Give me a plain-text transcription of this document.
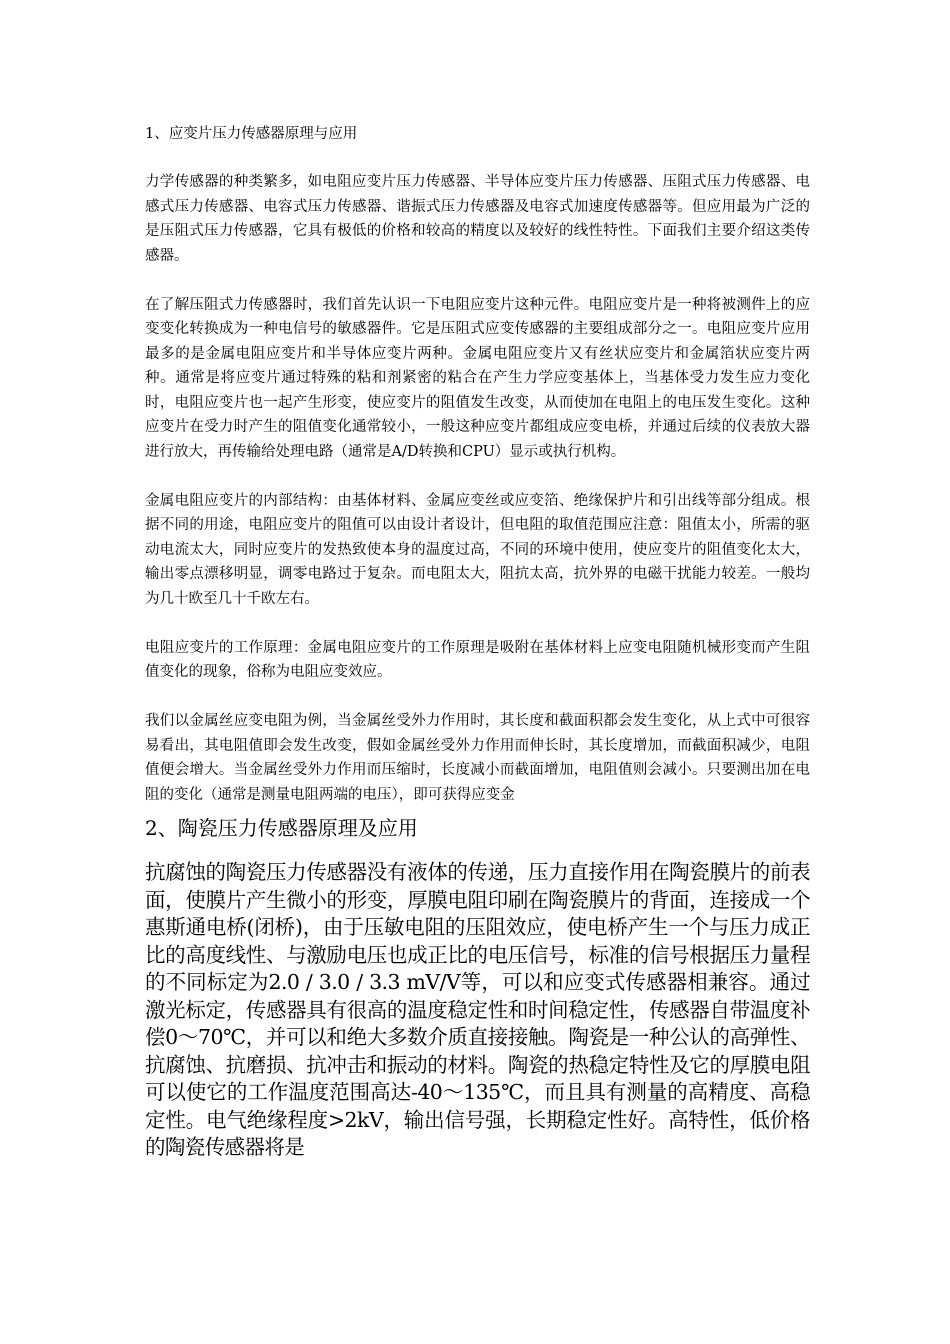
1、应变片压力传感器原理与应用

力学传感器的种类繁多，如电阻应变片压力传感器、半导体应变片压力传感器、压阻式压力传感器、电感式压力传感器、电容式压力传感器、谐振式压力传感器及电容式加速度传感器等。但应用最为广泛的是压阻式压力传感器，它具有极低的价格和较高的精度以及较好的线性特性。下面我们主要介绍这类传感器。

在了解压阻式力传感器时，我们首先认识一下电阻应变片这种元件。电阻应变片是一种将被测件上的应变变化转换成为一种电信号的敏感器件。它是压阻式应变传感器的主要组成部分之一。电阻应变片应用最多的是金属电阻应变片和半导体应变片两种。金属电阻应变片又有丝状应变片和金属箔状应变片两种。通常是将应变片通过特殊的粘和剂紧密的粘合在产生力学应变基体上，当基体受力发生应力变化时，电阻应变片也一起产生形变，使应变片的阻值发生改变，从而使加在电阻上的电压发生变化。这种应变片在受力时产生的阻值变化通常较小，一般这种应变片都组成应变电桥，并通过后续的仪表放大器进行放大，再传输给处理电路（通常是A/D转换和CPU）显示或执行机构。

金属电阻应变片的内部结构：由基体材料、金属应变丝或应变箔、绝缘保护片和引出线等部分组成。根据不同的用途，电阻应变片的阻值可以由设计者设计，但电阻的取值范围应注意：阻值太小，所需的驱动电流太大，同时应变片的发热致使本身的温度过高，不同的环境中使用，使应变片的阻值变化太大，输出零点漂移明显，调零电路过于复杂。而电阻太大，阻抗太高，抗外界的电磁干扰能力较差。一般均为几十欧至几十千欧左右。

电阻应变片的工作原理：金属电阻应变片的工作原理是吸附在基体材料上应变电阻随机械形变而产生阻值变化的现象，俗称为电阻应变效应。

我们以金属丝应变电阻为例，当金属丝受外力作用时，其长度和截面积都会发生变化，从上式中可很容易看出，其电阻值即会发生改变，假如金属丝受外力作用而伸长时，其长度增加，而截面积减少，电阻值便会增大。当金属丝受外力作用而压缩时，长度减小而截面增加，电阻值则会减小。只要测出加在电阻的变化（通常是测量电阻两端的电压），即可获得应变金

2、陶瓷压力传感器原理及应用

抗腐蚀的陶瓷压力传感器没有液体的传递，压力直接作用在陶瓷膜片的前表面，使膜片产生微小的形变，厚膜电阻印刷在陶瓷膜片的背面，连接成一个惠斯通电桥(闭桥)，由于压敏电阻的压阻效应，使电桥产生一个与压力成正比的高度线性、与激励电压也成正比的电压信号，标准的信号根据压力量程的不同标定为2.0 / 3.0 / 3.3 mV/V等，可以和应变式传感器相兼容。通过激光标定，传感器具有很高的温度稳定性和时间稳定性，传感器自带温度补偿0～70℃，并可以和绝大多数介质直接接触。陶瓷是一种公认的高弹性、抗腐蚀、抗磨损、抗冲击和振动的材料。陶瓷的热稳定特性及它的厚膜电阻可以使它的工作温度范围高达-40～135℃，而且具有测量的高精度、高稳定性。电气绝缘程度>2kV，输出信号强，长期稳定性好。高特性，低价格的陶瓷传感器将是
